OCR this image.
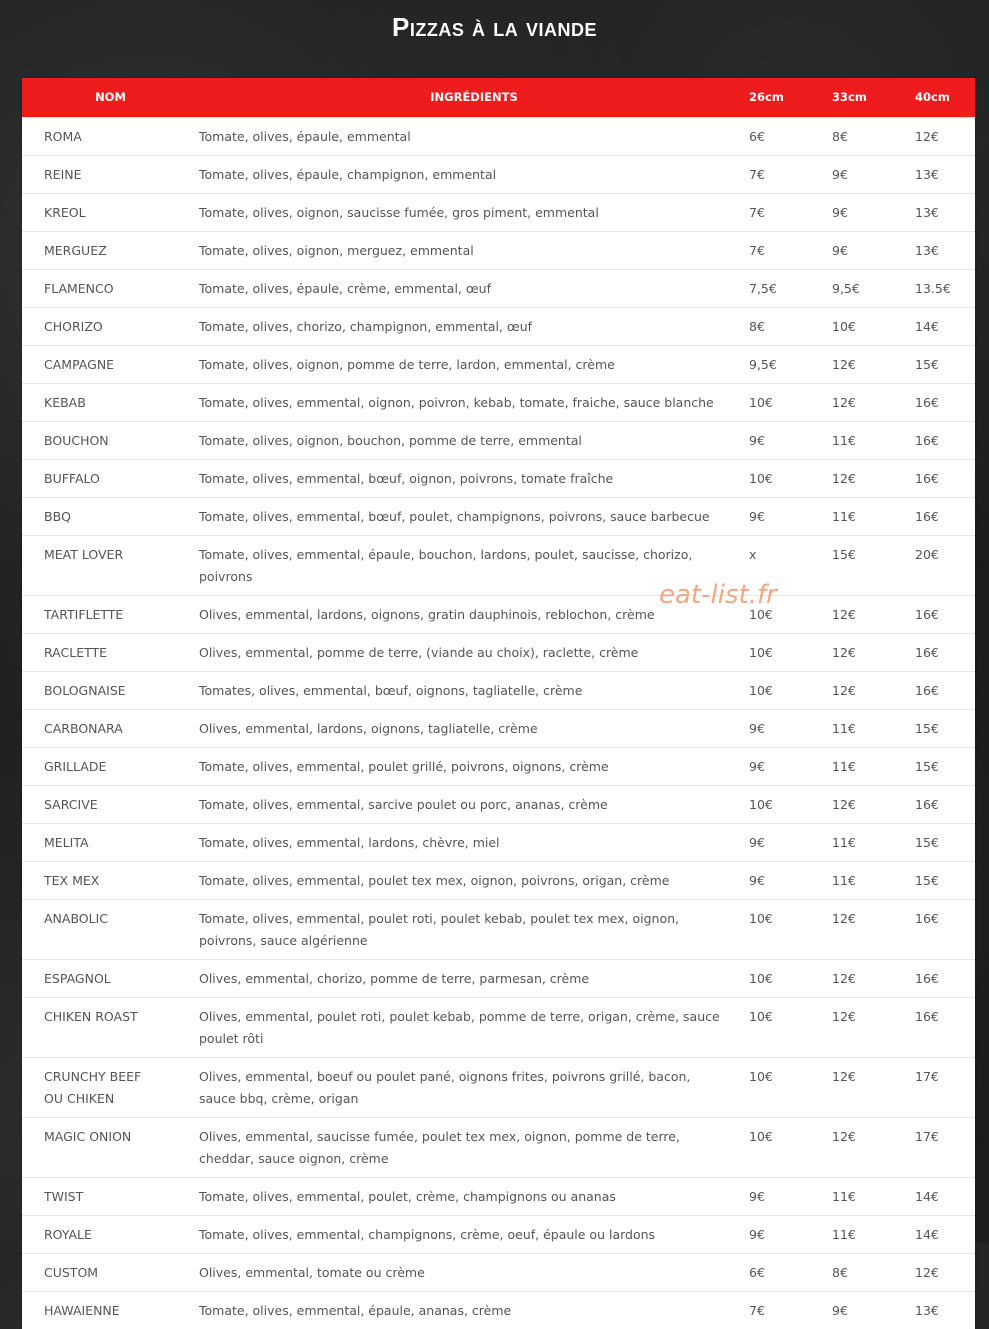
Pizzas à la viande
NOM	INGRÉDIENTS	26cm	33cm	40cm
ROMA	Tomate, olives, épaule, emmental	6€	8€	12€
REINE	Tomate, olives, épaule, champignon, emmental	7€	9€	13€
KREOL	Tomate, olives, oignon, saucisse fumée, gros piment, emmental	7€	9€	13€
MERGUEZ	Tomate, olives, oignon, merguez, emmental	7€	9€	13€
FLAMENCO	Tomate, olives, épaule, crème, emmental, œuf	7,5€	9,5€	13.5€
CHORIZO	Tomate, olives, chorizo, champignon, emmental, œuf	8€	10€	14€
CAMPAGNE	Tomate, olives, oignon, pomme de terre, lardon, emmental, crème	9,5€	12€	15€
KEBAB	Tomate, olives, emmental, oignon, poivron, kebab, tomate, fraiche, sauce blanche	10€	12€	16€
BOUCHON	Tomate, olives, oignon, bouchon, pomme de terre, emmental	9€	11€	16€
BUFFALO	Tomate, olives, emmental, bœuf, oignon, poivrons, tomate fraîche	10€	12€	16€
BBQ	Tomate, olives, emmental, bœuf, poulet, champignons, poivrons, sauce barbecue	9€	11€	16€
MEAT LOVER	Tomate, olives, emmental, épaule, bouchon, lardons, poulet, saucisse, chorizo, poivrons	x	15€	20€
TARTIFLETTE	Olives, emmental, lardons, oignons, gratin dauphinois, reblochon, crème	10€	12€	16€
RACLETTE	Olives, emmental, pomme de terre, (viande au choix), raclette, crème	10€	12€	16€
BOLOGNAISE	Tomates, olives, emmental, bœuf, oignons, tagliatelle, crème	10€	12€	16€
CARBONARA	Olives, emmental, lardons, oignons, tagliatelle, crème	9€	11€	15€
GRILLADE	Tomate, olives, emmental, poulet grillé, poivrons, oignons, crème	9€	11€	15€
SARCIVE	Tomate, olives, emmental, sarcive poulet ou porc, ananas, crème	10€	12€	16€
MELITA	Tomate, olives, emmental, lardons, chèvre, miel	9€	11€	15€
TEX MEX	Tomate, olives, emmental, poulet tex mex, oignon, poivrons, origan, crème	9€	11€	15€
ANABOLIC	Tomate, olives, emmental, poulet roti, poulet kebab, poulet tex mex, oignon, poivrons, sauce algérienne	10€	12€	16€
ESPAGNOL	Olives, emmental, chorizo, pomme de terre, parmesan, crème	10€	12€	16€
CHIKEN ROAST	Olives, emmental, poulet roti, poulet kebab, pomme de terre, origan, crème, sauce poulet rôti	10€	12€	16€
CRUNCHY BEEF OU CHIKEN	Olives, emmental, boeuf ou poulet pané, oignons frites, poivrons grillé, bacon, sauce bbq, crème, origan	10€	12€	17€
MAGIC ONION	Olives, emmental, saucisse fumée, poulet tex mex, oignon, pomme de terre, cheddar, sauce oignon, crème	10€	12€	17€
TWIST	Tomate, olives, emmental, poulet, crème, champignons ou ananas	9€	11€	14€
ROYALE	Tomate, olives, emmental, champignons, crème, oeuf, épaule ou lardons	9€	11€	14€
CUSTOM	Olives, emmental, tomate ou crème	6€	8€	12€
HAWAIENNE	Tomate, olives, emmental, épaule, ananas, crème	7€	9€	13€
eat-list.fr
